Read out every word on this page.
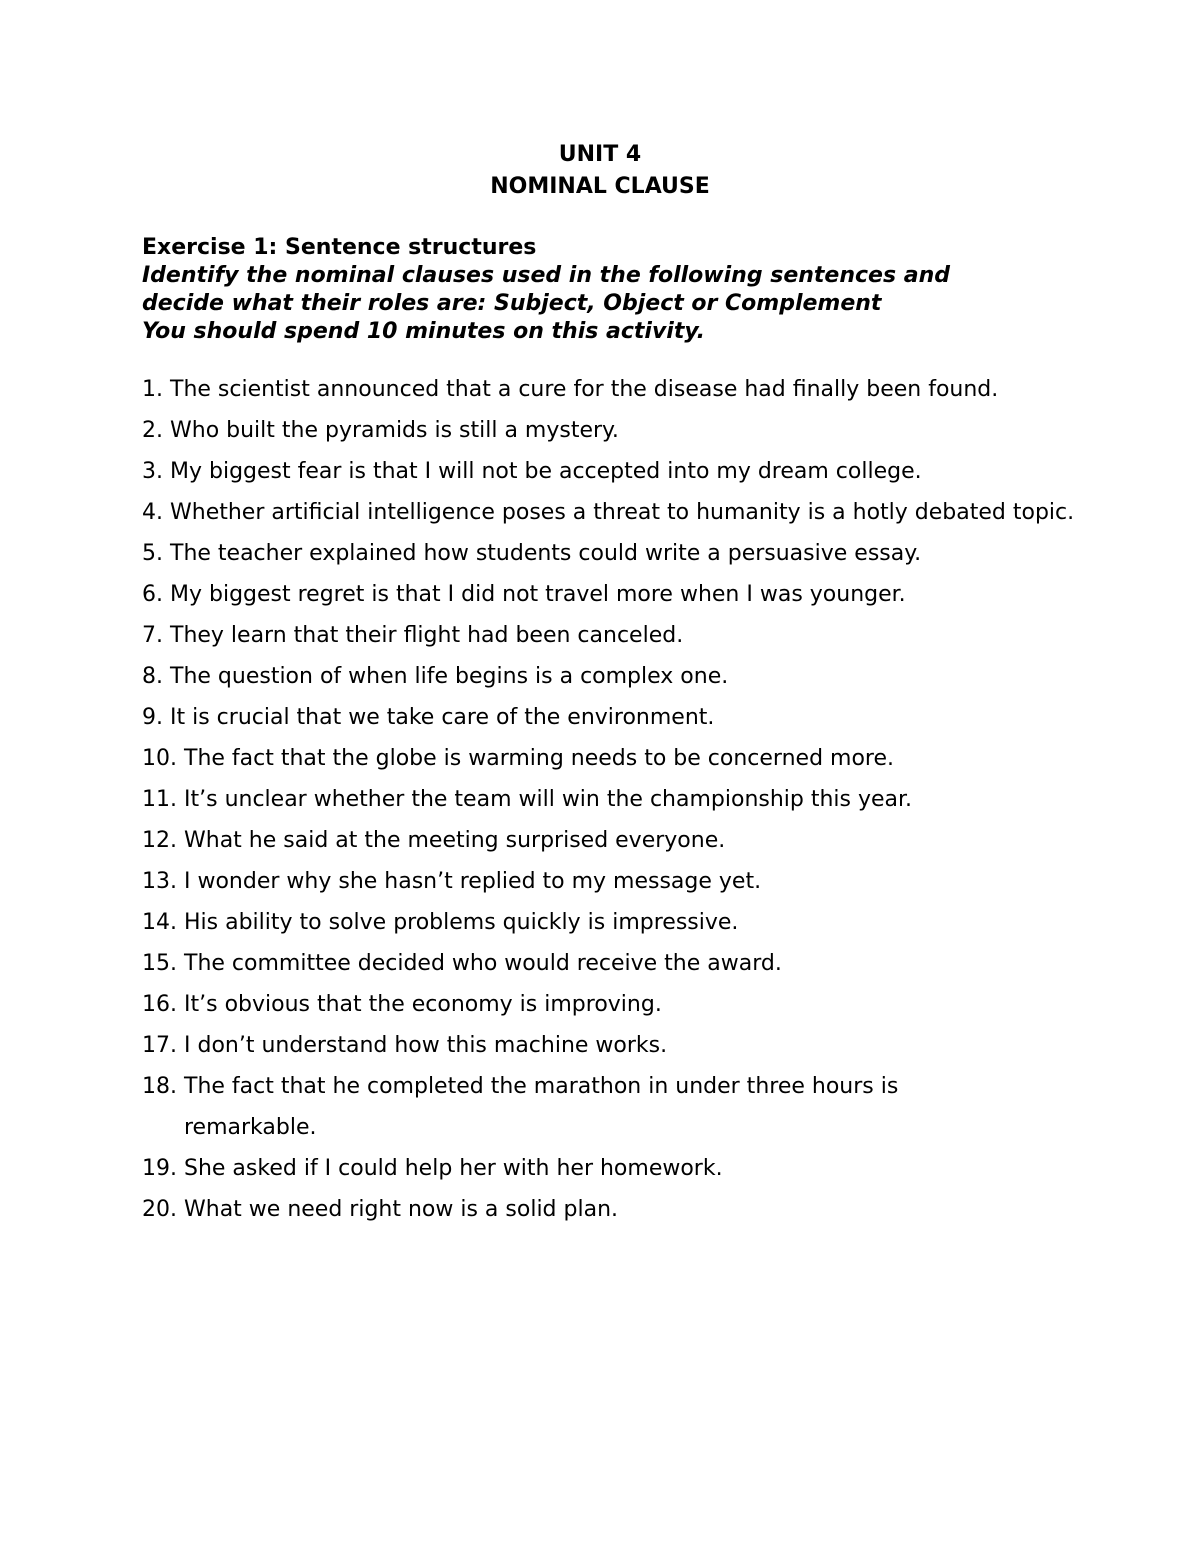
UNIT 4
NOMINAL CLAUSE

Exercise 1: Sentence structures

Identify the nominal clauses used in the following sentences and

decide what their roles are: Subject, Object or Complement

You should spend 10 minutes on this activity.

1.
The scientist announced that a cure for the disease had finally been found.
2.
Who built the pyramids is still a mystery.
3.
My biggest fear is that I will not be accepted into my dream college.
4. Whether artificial intelligence poses a threat to humanity is a hotly debated topic.
5.
The teacher explained how students could write a persuasive essay.
6.
My biggest regret is that I did not travel more when I was younger.
7.
They learn that their flight had been canceled.
8.
The question of when life begins is a complex one.
9.
It is crucial that we take care of the environment.
10. The fact that the globe is warming needs to be concerned more.
11. It’s unclear whether the team will win the championship this year.
12. What he said at the meeting surprised everyone.
13. I wonder why she hasn’t replied to my message yet.
14. His ability to solve problems quickly is impressive.
15. The committee decided who would receive the award.
16. It’s obvious that the economy is improving.
17. I don’t understand how this machine works.
18. The fact that he completed the marathon in under three hours is remarkable.
19. She asked if I could help her with her homework.
20. What we need right now is a solid plan.
